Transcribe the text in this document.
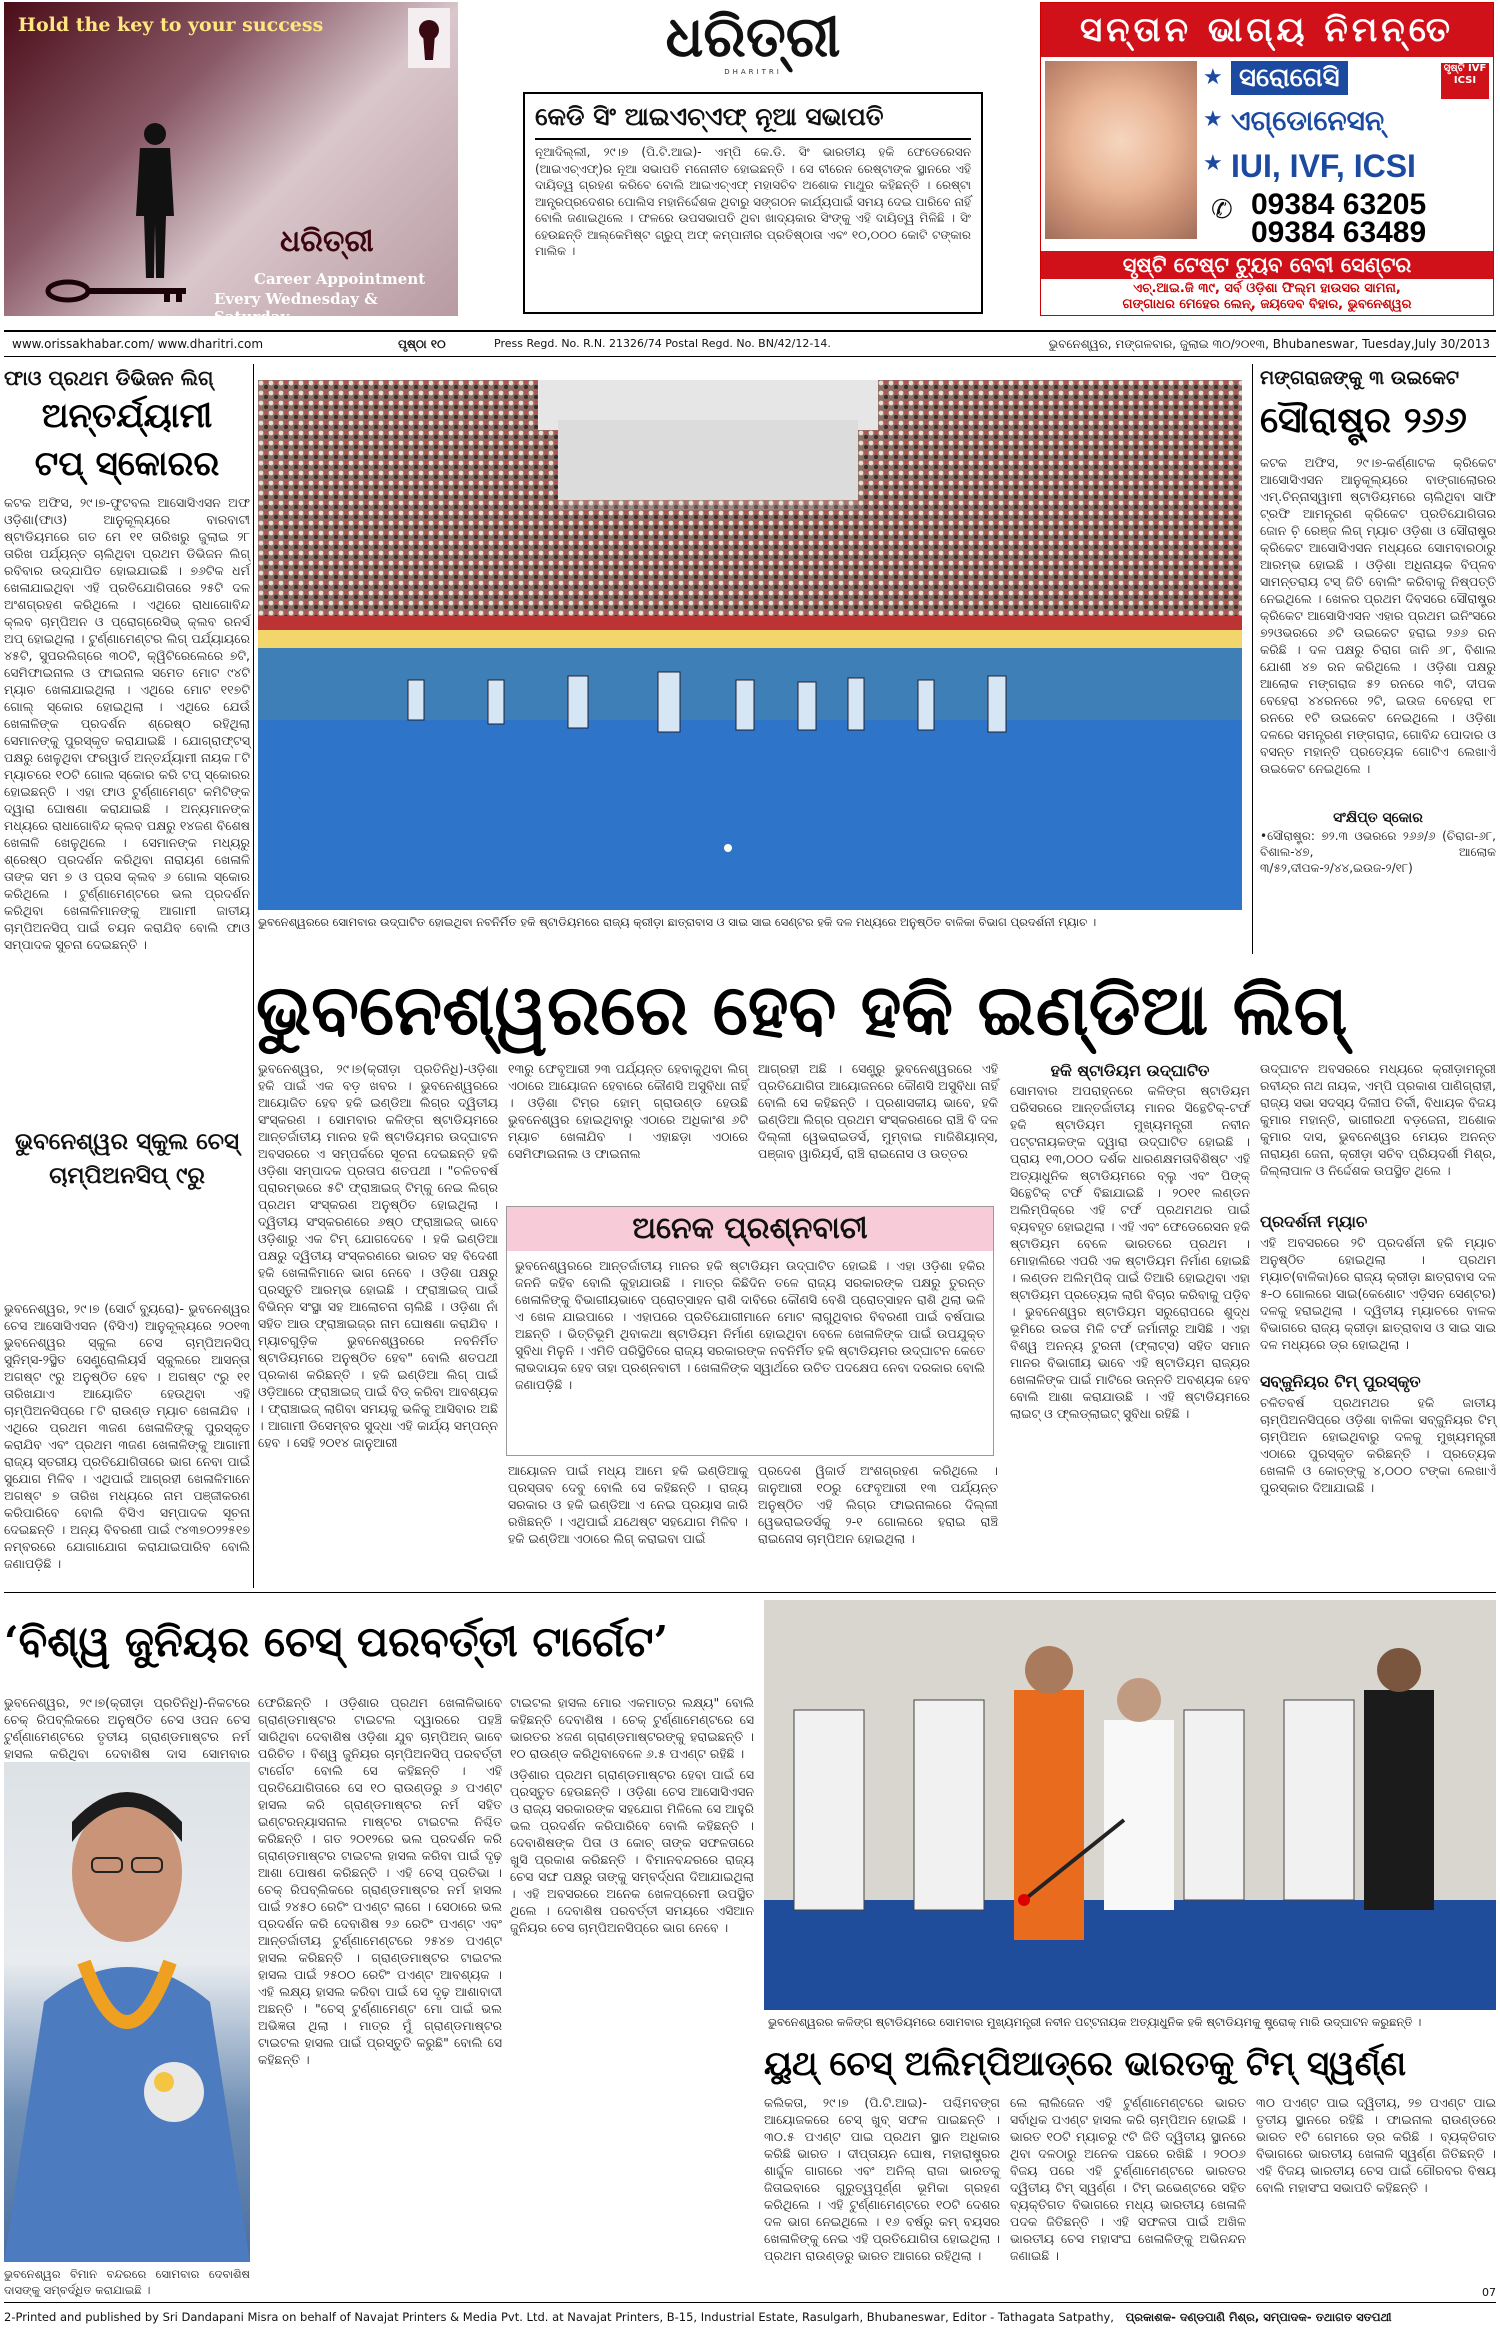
Hold the key to your success
ଧରିତ୍ରୀ
Career Appointment
Every Wednesday & Saturday
ଧରିତ୍ରୀ
DHARITRI
କେଡି ସିଂ ଆଇଏଚ୍ଏଫ୍ ନୂଆ ସଭାପତି
ନୂଆଦିଲ୍ଲୀ, ୨୯।୭ (ପି.ଟି.ଆଇ)- ଏମ୍ପି କେ.ଡି. ସିଂ ଭାରତୀୟ ହକି ଫେଡେରେସନ (ଆଇଏଚ୍ଏଫ୍)ର ନୂଆ ସଭାପତି ମନୋନୀତ ହୋଇଛନ୍ତି । ସେ ବୀରେନ ରେଷ୍ଟାଙ୍କ ସ୍ଥାନରେ ଏହି ଦାୟିତ୍ୱ ଗ୍ରହଣ କରିବେ ବୋଲି ଆଇଏଚ୍ଏଫ୍ ମହାସଚିବ ଅଶୋକ ମାଥୁର କହିଛନ୍ତି । ରେଷ୍ଟା ଆନ୍ତ୍ରପ୍ରଦେଶର ପୋଲିସ ମହାନିର୍ଦ୍ଦେଶକ ଥିବାରୁ ସଙ୍ଗଠନ କାର୍ଯ୍ୟପାଇଁ ସମୟ ଦେଇ ପାରିବେ ନାହିଁ ବୋଲି ଜଣାଇଥିଲେ । ଫଳରେ ଉପସଭାପତି ଥିବା ଖାଦ୍ୟକାର ସିଂଙ୍କୁ ଏହି ଦାୟିତ୍ୱ ମିଳିଛି । ସିଂ ହେଉଛନ୍ତି ଆଲ୍‌କେମିଷ୍ଟ ଗ୍ରୁପ୍ ଅଫ୍ କମ୍ପାନୀର ପ୍ରତିଷ୍ଠାତା ଏବଂ ୧୦,୦୦୦ କୋଟି ଟଙ୍କାର ମାଲିକ ।
ସନ୍ତାନ ଭାଗ୍ୟ ନିମନ୍ତେ
ସୃଷ୍ଟି IVF ICSI
★ ସରୋଗେସି
★ ଏଗ୍‌ଡୋନେସନ୍
★ IUI, IVF, ICSI
✆ 09384 63205
09384 63489
ସୃଷ୍ଟି ଟେଷ୍ଟ ଟ୍ୟୁବ ବେବୀ ସେଣ୍ଟର
ଏଚ୍.ଆଇ.ଜି ୩୯, ସର୍ବ ଓଡ଼ିଶା ଫିଲ୍ମ ହାଉସର ସାମନା,
ଗଙ୍ଗାଧର ମେହେର ଲେନ୍, ଜୟଦେବ ବିହାର, ଭୁବନେଶ୍ୱର
www.orissakhabar.com/ www.dharitri.com	ପୃଷ୍ଠା ୧୦	Press Regd. No. R.N. 21326/74 Postal Regd. No. BN/42/12-14.	ଭୁବନେଶ୍ୱର, ମଙ୍ଗଳବାର, ଜୁଲାଇ ୩୦/୨୦୧୩, Bhubaneswar, Tuesday,July 30/2013
ଫାଓ ପ୍ରଥମ ଡିଭିଜନ ଲିଗ୍
ଅନ୍ତର୍ଯ୍ୟାମୀ
ଟପ୍ ସ୍କୋରର
କଟକ ଅଫିସ, ୨୯।୭-ଫୁଟବଲ ଆସୋସିଏସନ ଅଫ ଓଡ଼ିଶା(ଫାଓ) ଆନୁକୂଲ୍ୟରେ ବାରବାଟୀ ଷ୍ଟାଡିୟମରେ ଗତ ମେ ୧୧ ତାରିଖରୁ ଜୁଲାଇ ୨୮ ତାରିଖ ପର୍ଯ୍ୟନ୍ତ ଚାଲିଥିବା ପ୍ରଥମ ଡିଭିଜନ ଲିଗ୍ ରବିବାର ଉଦ୍‌ଯାପିତ ହୋଇଯାଇଛି । ୭୬ଟିକ ଧର୍ମ ଖେଳାଯାଇଥିବା ଏହି ପ୍ରତିଯୋଗିତାରେ ୨୫ଟି ଦଳ ଅଂଶଗ୍ରହଣ କରିଥିଲେ । ଏଥିରେ ରାଧାଗୋବିନ୍ଦ କ୍ଲବ ଚାମ୍ପିଅନ ଓ ପ୍ରୋଗ୍ରେସିଭ୍ କ୍ଲବ ରନର୍ସ ଅପ୍ ହୋଇଥିଲା । ଟୁର୍ଣ୍ଣାମେଣ୍ଟର ଲିଗ୍ ପର୍ଯ୍ୟାୟରେ ୪୫ଟି, ସୁପରଲିଗ୍‌ରେ ୩୦ଟି, କ୍ୱିଟିରେଲେରେ ୭ଟି, ସେମିଫାଇନାଲ ଓ ଫାଇନାଲ ସମେତ ମୋଟ ୯୪ଟି ମ୍ୟାଚ ଖେଳାଯାଇଥିଲା । ଏଥିରେ ମୋଟ ୧୧୭ଟି ଗୋଲ୍ ସ୍କୋର ହୋଇଥିଲା । ଏଥିରେ ଯେଉଁ ଖେଳାଳିଙ୍କ ପ୍ରଦର୍ଶନ ଶ୍ରେଷ୍ଠ ରହିଥିଲା ସେମାନଙ୍କୁ ପୁରସ୍କୃତ କରାଯାଇଛି । ଯୋଗ୍ରାଫ୍ଟସ୍ ପକ୍ଷରୁ ଖେଳୁଥିବା ଫରୱାର୍ଡ ଅନ୍ତର୍ଯ୍ୟାମୀ ନାୟକ ୮ଟି ମ୍ୟାଚରେ ୧୦ଟି ଗୋଲ ସ୍କୋର କରି ଟପ୍ ସ୍କୋରର ହୋଇଛନ୍ତି । ଏହା ଫାଓ ଟୁର୍ଣ୍ଣାମେଣ୍ଟ କମିଟିଙ୍କ ଦ୍ୱାରା ଘୋଷଣା କରାଯାଇଛି । ଅନ୍ୟମାନଙ୍କ ମଧ୍ୟରେ ରାଧାଗୋବିନ୍ଦ କ୍ଲବ ପକ୍ଷରୁ ୧୪ଜଣ ବିଶେଷ ଖେଳାଳି ଖେଳୁଥିଲେ । ସେମାନଙ୍କ ମଧ୍ୟରୁ ଶ୍ରେଷ୍ଠ ପ୍ରଦର୍ଶନ କରିଥିବା ନାରାୟଣ ଖେଳାଳି ତାଙ୍କ ସମ ୭ ଓ ପ୍ରସ କ୍ଲବ ୬ ଗୋଲ ସ୍କୋର କରିଥିଲେ । ଟୁର୍ଣ୍ଣାମେଣ୍ଟରେ ଭଲ ପ୍ରଦର୍ଶନ କରିଥିବା ଖେଳାଳିମାନଙ୍କୁ ଆଗାମୀ ଜାତୀୟ ଚାମ୍ପିଅନସିପ୍ ପାଇଁ ଚୟନ କରାଯିବ ବୋଲି ଫାଓ ସମ୍ପାଦକ ସୁଚନା ଦେଇଛନ୍ତି ।
ଭୁବନେଶ୍ୱର ସ୍କୁଲ ଚେସ୍
ଚାମ୍ପିଅନସିପ୍ ୯ରୁ
ଭୁବନେଶ୍ୱର, ୨୯।୭ (ସୋର୍ଟ ବ୍ୟୁରୋ)- ଭୁବନେଶ୍ୱର ଚେସ ଆସୋସିଏସନ (ବିସିଏ) ଆନୁକୂଲ୍ୟରେ ୨୦୧୩ ଭୁବନେଶ୍ୱର ସ୍କୁଲ ଚେସ ଚାମ୍ପିଅନସିପ୍ ସୁନିମ୍ସ-୨ସ୍ଥିତ ସେଣ୍ଟ୍ରୋଲିୟର୍ସ ସ୍କୁଲରେ ଆସନ୍ତା ଅଗଷ୍ଟ ୯ରୁ ଅନୁଷ୍ଠିତ ହେବ । ଅଗଷ୍ଟ ୯ରୁ ୧୧ ତାରିଖଯାଏ ଆୟୋଜିତ ହେଉଥିବା ଏହି ଚାମ୍ପିଅନସିପ୍‌ରେ ୮ଟି ରାଉଣ୍ଡ ମ୍ୟାଚ ଖେଳାଯିବ । ଏଥିରେ ପ୍ରଥମ ୩ଜଣ ଖେଳାଳିଙ୍କୁ ପୁରସ୍କୃତ କରାଯିବ ଏବଂ ପ୍ରଥମ ୩ଜଣ ଖେଳାଳିଙ୍କୁ ଆଗାମୀ ରାଜ୍ୟ ସ୍ତରୀୟ ପ୍ରତିଯୋଗିତାରେ ଭାଗ ନେବା ପାଇଁ ସୁଯୋଗ ମିଳିବ । ଏଥିପାଇଁ ଆଗ୍ରହୀ ଖେଳାଳିମାନେ ଅଗଷ୍ଟ ୭ ତାରିଖ ମଧ୍ୟରେ ନାମ ପଞ୍ଜୀକରଣ କରିପାରିବେ ବୋଲି ବିସିଏ ସମ୍ପାଦକ ସୂଚନା ଦେଇଛନ୍ତି । ଅନ୍ୟ ବିବରଣୀ ପାଇଁ ୯୪୩୭୦୨୨୫୧୭ ନମ୍ବରରେ ଯୋଗାଯୋଗ କରାଯାଇପାରିବ ବୋଲି ଜଣାପଡ଼ିଛି ।
ଭୁବନେଶ୍ୱରରେ ସୋମବାର ଉଦ୍‌ଘାଟିତ ହୋଇଥିବା ନବନିର୍ମିତ ହକି ଷ୍ଟାଡିୟମରେ ରାଜ୍ୟ କ୍ରୀଡ଼ା ଛାତ୍ରାବାସ ଓ ସାଇ ସାଇ ସେଣ୍ଟର ହକି ଦଳ ମଧ୍ୟରେ ଅନୁଷ୍ଠିତ ବାଳିକା ବିଭାଗ ପ୍ରଦର୍ଶନୀ ମ୍ୟାଚ ।
ମଙ୍ଗରାଜଙ୍କୁ ୩ ଉଇକେଟ
ସୌରାଷ୍ଟ୍ର ୨୬୬
କଟକ ଅଫିସ, ୨୯।୭-କର୍ଣ୍ଣାଟକ କ୍ରିକେଟ ଆସୋସିଏସନ ଆନୁକୂଲ୍ୟରେ ବାଙ୍ଗାଲୋରର ଏମ୍.ଚିନ୍ନାସ୍ୱାମୀ ଷ୍ଟାଡିୟମରେ ଚାଲିଥିବା ସାଫି ଟ୍ରଫି ଆମନ୍ତ୍ରଣ କ୍ରିକେଟ ପ୍ରତିଯୋଗିତାର ଜୋନ ଚ଼ି ରେଞ୍ଜ ଲିଗ୍ ମ୍ୟାଚ ଓଡ଼ିଶା ଓ ସୌରାଷ୍ଟ୍ର କ୍ରିକେଟ ଆସୋସିଏସନ ମଧ୍ୟରେ ସୋମବାରଠାରୁ ଆରମ୍ଭ ହୋଇଛି । ଓଡ଼ିଶା ଅଧିନାୟକ ବିପ୍ଳବ ସାମନ୍ତରାୟ ଟସ୍ ଜିତି ବୋଲିଂ କରିବାକୁ ନିଷ୍ପତ୍ତି ନେଇଥିଲେ । ଖେଳର ପ୍ରଥମ ଦିବସରେ ସୌରାଷ୍ଟ୍ର କ୍ରିକେଟ ଆସୋସିଏସନ ଏହାର ପ୍ରଥମ ଇନିଂସରେ ୭୨ଓଭରରେ ୬ଟି ଉଇକେଟ ହରାଇ ୨୬୬ ରନ କରିଛି । ଦଳ ପକ୍ଷରୁ ଚିରାଗ ଜାନି ୬୮, ବିଶାଲ ଯୋଶୀ ୪୭ ରନ କରିଥିଲେ । ଓଡ଼ିଶା ପକ୍ଷରୁ ଆଲୋକ ମଙ୍ଗରାଜ ୫୨ ରନରେ ୩ଟି, ଦୀପକ ବେହେରା ୪୪ରନରେ ୨ଟି, ଇଉଜ ବେହେରା ୧୮ ରନରେ ୧ଟି ଉଇକେଟ ନେଇଥିଲେ । ଓଡ଼ିଶା ଦଳରେ ସମନ୍ତ୍ରଣ ମଙ୍ଗରାଜ, ଗୋବିନ୍ଦ ପୋଦାର ଓ ବସନ୍ତ ମହାନ୍ତି ପ୍ରତ୍ୟେକ ଗୋଟିଏ ଲେଖାଏଁ ଉଇକେଟ ନେଇଥିଲେ ।
ସଂକ୍ଷିପ୍ତ ସ୍କୋର
•ସୌରାଷ୍ଟ୍ର: ୭୨.୩ ଓଭରରେ ୨୬୬/୬ (ଚିରାଗ-୬୮, ବିଶାଲ-୪୭, ଆଲୋକ ୩/୫୨,ଦୀପକ-୨/୪୪,ଇଉଜ-୨/୧୮)
ଭୁବନେଶ୍ୱରରେ ହେବ ହକି ଇଣ୍ଡିଆ ଲିଗ୍
ଭୁବନେଶ୍ୱର, ୨୯।୭(କ୍ରୀଡ଼ା ପ୍ରତିନିଧି)-ଓଡ଼ିଶା ହକି ପାଇଁ ଏକ ବଡ଼ ଖବର । ଭୁବନେଶ୍ୱରରେ ଆୟୋଜିତ ହେବ ହକି ଇଣ୍ଡିଆ ଲିଗ୍‌ର ଦ୍ୱିତୀୟ ସଂସ୍କରଣ । ସୋମବାର କଳିଙ୍ଗ ଷ୍ଟାଡିୟମରେ ଆନ୍ତର୍ଜାତୀୟ ମାନର ହକି ଷ୍ଟାଡିୟମର ଉଦ୍‌ଘାଟନ ଅବସରରେ ଏ ସମ୍ପର୍କରେ ସୂଚନା ଦେଇଛନ୍ତି ହକି ଓଡ଼ିଶା ସମ୍ପାଦକ ପ୍ରତାପ ଶତପଥୀ । "ଚଳିତବର୍ଷ ପ୍ରାରମ୍ଭରେ ୫ଟି ଫ୍ରାଞ୍ଚାଇଜ୍ ଟିମ୍‌କୁ ନେଇ ଲିଗ୍‌ର ପ୍ରଥମ ସଂସ୍କରଣ ଅନୁଷ୍ଠିତ ହୋଇଥିଲା । ଦ୍ୱିତୀୟ ସଂସ୍କରଣରେ ୬ଷ୍ଠ ଫ୍ରାଞ୍ଚାଇଜ୍ ଭାବେ ଓଡ଼ିଶାରୁ ଏକ ଟିମ୍ ଯୋଗଦେବେ । ହକି ଇଣ୍ଡିଆ ପକ୍ଷରୁ ଦ୍ୱିତୀୟ ସଂସ୍କରଣରେ ଭାରତ ସହ ବିଦେଶୀ ହକି ଖେଳାଳିମାନେ ଭାଗ ନେବେ । ଓଡ଼ିଶା ପକ୍ଷରୁ ପ୍ରସ୍ତୁତି ଆରମ୍ଭ ହୋଇଛି । ଫ୍ରାଞ୍ଚାଇଜ୍ ପାଇଁ ବିଭିନ୍ନ ସଂସ୍ଥା ସହ ଆଲୋଚନା ଚାଲିଛି । ଓଡ଼ିଶା ନାଁ ସହିତ ଆଉ ଫ୍ରାଞ୍ଚାଇଜ୍‌ର ନାମ ଘୋଷଣା କରାଯିବ । ମ୍ୟାଚଗୁଡ଼ିକ ଭୁବନେଶ୍ୱରରେ ନବନିର୍ମିତ ଷ୍ଟାଡିୟମରେ ଅନୁଷ୍ଠିତ ହେବ" ବୋଲି ଶତପଥୀ ପ୍ରକାଶ କରିଛନ୍ତି । ହକି ଇଣ୍ଡିଆ ଲିଗ୍ ପାଇଁ ଓଡ଼ିଆରେ ଫ୍ରାଞ୍ଚାଇଜ୍ ପାଇଁ ବିଡ୍ କରିବା ଆବଶ୍ୟକ । ଫ୍ରାଞ୍ଚାଇଜ୍ ଲାଗିବା ସମୟକୁ ଭଳିକୁ ଆସିବାର ଅଛି । ଆଗାମୀ ଡିସେମ୍ବର ସୁଦ୍ଧା ଏହି କାର୍ଯ୍ୟ ସମ୍ପନ୍ନ ହେବ । ସେହି ୨୦୧୪ ଜାନୁଆରୀ
୧୩ରୁ ଫେବୃଆରୀ ୨୩ ପର୍ଯ୍ୟନ୍ତ ହେବାକୁଥିବା ଲିଗ୍ ଏଠାରେ ଆୟୋଜନ ହେବାରେ କୌଣସି ଅସୁବିଧା ନାହିଁ । ଓଡ଼ିଶା ଟିମ୍‌ର ହୋମ୍ ଗ୍ରାଉଣ୍ଡ ହେଉଛି ଭୁବନେଶ୍ୱର ହୋଇଥିବାରୁ ଏଠାରେ ଅଧିକାଂଶ ୬ଟି ମ୍ୟାଚ ଖେଳାଯିବ । ଏହାଛଡ଼ା ଏଠାରେ ସେମିଫାଇନାଲ ଓ ଫାଇନାଲ
ଆଗ୍ରହୀ ଅଛି । ସେଣ୍ଟ୍ରୁ ଭୁବନେଶ୍ୱରରେ ଏହି ପ୍ରତିଯୋଗିତା ଆୟୋଜନରେ କୌଣସି ଅସୁବିଧା ନାହିଁ ବୋଲି ସେ କହିଛନ୍ତି । ପ୍ରଶାସକୀୟ ଭାବେ, ହକି ଇଣ୍ଡିଆ ଲିଗ୍‌ର ପ୍ରଥମ ସଂସ୍କରଣରେ ରାଞ୍ଚି ବି ଦଳ ଦିଲ୍ଲୀ ୱେଭରାଇଡର୍ସ, ମୁମ୍ବାଇ ମାଜିଶିୟାନ୍ସ, ପଞ୍ଜାବ ୱାରିୟର୍ସ, ରାଞ୍ଚି ରାଇନୋସ ଓ ଉତ୍ତର
ଅନେକ ପ୍ରଶ୍ନବାଚୀ
ଭୁବନେଶ୍ୱରରେ ଆନ୍ତର୍ଜାତୀୟ ମାନର ହକି ଷ୍ଟାଡିୟମ ଉଦ୍‌ଘାଟିତ ହୋଇଛି । ଏହା ଓଡ଼ିଶା ହକିର ଜନନି କହିବ ବୋଲି କୁହାଯାଉଛି । ମାତ୍ର କିଛିଦିନ ତଳେ ରାଜ୍ୟ ସରକାରଙ୍କ ପକ୍ଷରୁ ତୁରନ୍ତ ଖେଳାଳିଙ୍କୁ ବିଭାଗୀୟଭାବେ ପ୍ରୋତ୍ସାହନ ରାଶି ଦାବିରେ କୌଣସି ବେଶି ପ୍ରୋତ୍ସାହନ ରାଶି ଥିଲା ଭଳି ଏ ଖେଳ ଯାଇପାରେ । ଏହାପରେ ପ୍ରତିଯୋଗୀମାନେ ମୋଟ ଲାଗୁଥିବାର ବିବରଣୀ ପାଇଁ ବର୍ଷପାଇ ଅଛନ୍ତି । ଭିତ୍ତିଭୂମି ଥିବାକଥା ଷ୍ଟାଡିୟମ ନିର୍ମାଣ ହୋଇଥିବା ବେଳେ ଖେଳାଳିଙ୍କ ପାଇଁ ଉପଯୁକ୍ତ ସୁବିଧା ମିଳୁନି । ଏମିତି ପରିସ୍ଥିତିରେ ରାଜ୍ୟ ସରକାରଙ୍କ ନବନିର୍ମିତ ହକି ଷ୍ଟାଡିୟମର ଉଦ୍‌ଘାଟନ କେତେ ଲାଭଦାୟକ ହେବ ତାହା ପ୍ରଶ୍ନବାଚୀ । ଖେଳାଳିଙ୍କ ସ୍ୱାର୍ଥରେ ଉଚିତ ପଦକ୍ଷେପ ନେବା ଦରକାର ବୋଲି ଜଣାପଡ଼ିଛି ।
ଆୟୋଜନ ପାଇଁ ମଧ୍ୟ ଆମେ ହକି ଇଣ୍ଡିଆକୁ ପ୍ରସ୍ତାବ ଦେବୁ ବୋଲି ସେ କହିଛନ୍ତି । ରାଜ୍ୟ ସରକାର ଓ ହକି ଇଣ୍ଡିଆ ଏ ନେଇ ପ୍ରୟାସ ଜାରି ରଖିଛନ୍ତି । ଏଥିପାଇଁ ଯଥେଷ୍ଟ ସହଯୋଗ ମିଳିବ । ହକି ଇଣ୍ଡିଆ ଏଠାରେ ଲିଗ୍ କରାଇବା ପାଇଁ
ପ୍ରଦେଶ ୱିଜାର୍ଡ ଅଂଶଗ୍ରହଣ କରିଥିଲେ । ଜାନୁଆରୀ ୧୦ରୁ ଫେବୃଆରୀ ୧୩ ପର୍ଯ୍ୟନ୍ତ ଅନୁଷ୍ଠିତ ଏହି ଲିଗ୍‌ର ଫାଇନାଲରେ ଦିଲ୍ଲୀ ୱେଭରାଇଡର୍ସକୁ ୨-୧ ଗୋଲରେ ହରାଇ ରାଞ୍ଚି ରାଇନୋସ ଚାମ୍ପିଅନ ହୋଇଥିଲା ।
ହକି ଷ୍ଟାଡିୟମ ଉଦ୍‌ଘାଟିତ
ସୋମବାର ଅପରାହ୍ନରେ କଳିଙ୍ଗ ଷ୍ଟାଡିୟମ ପରିସରରେ ଆନ୍ତର୍ଜାତୀୟ ମାନର ସିନ୍ଥେଟିକ୍-ଟର୍ଫ ହକି ଷ୍ଟାଡିୟମ ମୁଖ୍ୟମନ୍ତ୍ରୀ ନବୀନ ପଟ୍ଟନାୟକଙ୍କ ଦ୍ୱାରା ଉଦ୍‌ଘାଟିତ ହୋଇଛି । ପ୍ରାୟ ୧୩,୦୦୦ ଦର୍ଶକ ଧାରଣକ୍ଷମତାବିଶିଷ୍ଟ ଏହି ଅତ୍ୟାଧୁନିକ ଷ୍ଟାଡିୟମରେ ବ୍ଲୁ ଏବଂ ପିଙ୍କ୍ ସିନ୍ଥେଟିକ୍ ଟର୍ଫ ବିଛାଯାଇଛି । ୨୦୧୧ ଲଣ୍ଡନ ଅଲିମ୍ପିକ୍‌ରେ ଏହି ଟର୍ଫ ପ୍ରଥମଥର ପାଇଁ ବ୍ୟବହୃତ ହୋଇଥିଲା । ଏହି ଏବଂ ଫେଡେରେସନ ହକି ଷ୍ଟାଡିୟମ ବେଳେ ଭାରତରେ ପ୍ରଥମ । ମୋହାଲିରେ ଏପରି ଏକ ଷ୍ଟାଡିୟମ ନିର୍ମାଣ ହୋଇଛି । ଲଣ୍ଡନ ଅଲିମ୍ପିକ୍ ପାଇଁ ତିଆରି ହୋଇଥିବା ଏହା ଷ୍ଟାଡିୟମ ପ୍ରତ୍ୟେକ ଲାଗି ବିଚାର କରିବାକୁ ପଡ଼ିବ । ଭୁବନେଶ୍ୱର ଷ୍ଟାଡିୟମ ସରୁରୋପରେ ଶୁଦ୍ଧ ଭୂମିରେ ଉଚ୍ଚତା ମିଳି ଟର୍ଫ ଜର୍ମାନୀରୁ ଆସିଛି । ଏହା ବିଶ୍ୱ ଅନନ୍ୟ ଟୁରନୀ (ଫ୍ଲାଟ୍ସ) ସହିତ ସମାନ ମାନର ବିଭାଗୀୟ ଭାବେ ଏହି ଷ୍ଟାଡିୟମ ରାଜ୍ୟର ଖେଳାଳିଙ୍କ ପାଇଁ ମାଟିରେ ଉନ୍ନତି ଅବଶ୍ୟକ ହେବ ବୋଲି ଆଶା କରାଯାଉଛି । ଏହି ଷ୍ଟାଡିୟମରେ ଲାଇଟ୍ ଓ ଫ୍ଲଡ୍‌ଲାଇଟ୍ ସୁବିଧା ରହିଛି ।
ଉଦ୍‌ଘାଟନ ଅବସରରେ ମଧ୍ୟରେ କ୍ରୀଡ଼ାମନ୍ତ୍ରୀ ରବୀନ୍ଦ୍ର ନାଥ ନାୟକ, ଏମ୍ପି ପ୍ରକାଶ ପାଣିଗ୍ରାହୀ, ରାଜ୍ୟ ସଭା ସଦସ୍ୟ ଦିଲୀପ ତିର୍କୀ, ବିଧାୟକ ବିଜୟ କୁମାର ମହାନ୍ତି, ଭାଗୀରଥୀ ବଡ଼ଜେନା, ଅଶୋକ କୁମାର ଦାସ, ଭୁବନେଶ୍ୱର ମେୟର ଅନନ୍ତ ନାରାୟଣ ଜେନା, କ୍ରୀଡ଼ା ସଚିବ ପ୍ରିୟଦର୍ଶୀ ମିଶ୍ର, ଜିଲ୍ଲାପାଳ ଓ ନିର୍ଦ୍ଦେଶକ ଉପସ୍ଥିତ ଥିଲେ ।
ପ୍ରଦର୍ଶନୀ ମ୍ୟାଚ
ଏହି ଅବସରରେ ୨ଟି ପ୍ରଦର୍ଶନୀ ହକି ମ୍ୟାଚ ଅନୁଷ୍ଠିତ ହୋଇଥିଲା । ପ୍ରଥମ ମ୍ୟାଚ(ବାଳିକା)ରେ ରାଜ୍ୟ କ୍ରୀଡ଼ା ଛାତ୍ରାବାସ ଦଳ ୫-୦ ଗୋଲରେ ସାଇ(କେଶୋଟ ଏଡ଼ିସନ ସେଣ୍ଟର) ଦଳକୁ ହରାଇଥିଲା । ଦ୍ୱିତୀୟ ମ୍ୟାଚରେ ବାଳକ ବିଭାଗରେ ରାଜ୍ୟ କ୍ରୀଡ଼ା ଛାତ୍ରାବାସ ଓ ସାଇ ସାଇ ଦଳ ମଧ୍ୟରେ ଡ୍ର ହୋଇଥିଲା ।
ସବ୍‌ଜୁନିୟର ଟିମ୍ ପୁରସ୍କୃତ
ଚଳିତବର୍ଷ ପ୍ରଥମଥର ହକି ଜାତୀୟ ଚାମ୍ପିଅନସିପ୍‌ରେ ଓଡ଼ିଶା ବାଳିକା ସବ୍‌ଜୁନିୟର ଟିମ୍ ଚାମ୍ପିଅନ ହୋଇଥିବାରୁ ଦଳକୁ ମୁଖ୍ୟମନ୍ତ୍ରୀ ଏଠାରେ ପୁରସ୍କୃତ କରିଛନ୍ତି । ପ୍ରତ୍ୟେକ ଖେଳାଳି ଓ କୋଚ୍‌ଙ୍କୁ ୪,୦୦୦ ଟଙ୍କା ଲେଖାଏଁ ପୁରସ୍କାର ଦିଆଯାଇଛି ।
‘ବିଶ୍ୱ ଜୁନିୟର ଚେସ୍ ପରବର୍ତ୍ତୀ ଟାର୍ଗେଟ’
ଭୁବନେଶ୍ୱର, ୨୯।୭(କ୍ରୀଡ଼ା ପ୍ରତିନିଧି)-ନିକଟରେ ଚେକ୍ ରିପବ୍ଲିକରେ ଅନୁଷ୍ଠିତ ଚେସ ଓପନ ଚେସ ଟୁର୍ଣ୍ଣାମେଣ୍ଟରେ ତୃତୀୟ ଗ୍ରାଣ୍ଡମାଷ୍ଟର ନର୍ମ ହାସଲ କରିଥିବା ଦେବାଶିଷ ଦାସ ସୋମବାର
ଭୁବନେଶ୍ୱର ବିମାନ ବନ୍ଦରରେ ସୋମବାର ଦେବାଶିଷ ଦାସଙ୍କୁ ସମ୍ବର୍ଦ୍ଧିତ କରାଯାଇଛି ।
ଫେରିଛନ୍ତି । ଓଡ଼ିଶାର ପ୍ରଥମ ଖେଳାଳିଭାବେ ଗ୍ରାଣ୍ଡମାଷ୍ଟର ଟାଇଟଲ ଦ୍ୱାରରେ ପହଞ୍ଚି ସାରିଥିବା ଦେବାଶିଷ ଓଡ଼ିଶା ଯୁବ ଚାମ୍ପିଅନ୍ ଭାବେ ପରିଚିତ । ବିଶ୍ୱ ଜୁନିୟର ଚାମ୍ପିଅନସିପ୍ ପରବର୍ତ୍ତୀ ଟାର୍ଗେଟ ବୋଲି ସେ କହିଛନ୍ତି । ଏହି ପ୍ରତିଯୋଗିତାରେ ସେ ୧୦ ରାଉଣ୍ଡରୁ ୬ ପଏଣ୍ଟ ହାସଲ କରି ଗ୍ରାଣ୍ଡମାଷ୍ଟର ନର୍ମ ସହିତ ଇଣ୍ଟରନ୍ୟାସନାଲ ମାଷ୍ଟର ଟାଇଟଲ ନିଶ୍ଚିତ କରିଛନ୍ତି । ଗତ ୨୦୧୨ରେ ଭଲ ପ୍ରଦର୍ଶନ କରି ଗ୍ରାଣ୍ଡମାଷ୍ଟର ଟାଇଟଲ ହାସଲ କରିବା ପାଇଁ ଦୃଢ଼ ଆଶା ପୋଷଣ କରିଛନ୍ତି । ଏହି ଚେସ୍ ପ୍ରତିଭା । ଚେକ୍ ରିପବ୍ଲିକରେ ଗ୍ରାଣ୍ଡମାଷ୍ଟର ନର୍ମ ହାସଲ ପାଇଁ ୨୪୫୦ ରେଟିଂ ପଏଣ୍ଟ ଲାଗେ । ସେଠାରେ ଭଲ ପ୍ରଦର୍ଶନ କରି ଦେବାଶିଷ ୨୬ ରେଟିଂ ପଏଣ୍ଟ ଏବଂ ଆନ୍ତର୍ଜାତୀୟ ଟୁର୍ଣ୍ଣାମେଣ୍ଟରେ ୨୫୪୭ ପଏଣ୍ଟ ହାସଲ କରିଛନ୍ତି । ଗ୍ରାଣ୍ଡମାଷ୍ଟର ଟାଇଟଲ ହାସଲ ପାଇଁ ୨୫୦୦ ରେଟିଂ ପଏଣ୍ଟ ଆବଶ୍ୟକ । ଏହି ଲକ୍ଷ୍ୟ ହାସଲ କରିବା ପାଇଁ ସେ ଦୃଢ଼ ଆଶାବାଦୀ ଅଛନ୍ତି । "ଚେସ୍ ଟୁର୍ଣ୍ଣାମେଣ୍ଟ ମୋ ପାଇଁ ଭଲ ଅଭିଜ୍ଞତା ଥିଲା । ମାତ୍ର ମୁଁ ଗ୍ରାଣ୍ଡମାଷ୍ଟର ଟାଇଟଲ ହାସଲ ପାଇଁ ପ୍ରସ୍ତୁତି କରୁଛି" ବୋଲି ସେ କହିଛନ୍ତି ।
ଟାଇଟଲ ହାସଲ ମୋର ଏକମାତ୍ର ଲକ୍ଷ୍ୟ" ବୋଲି କହିଛନ୍ତି ଦେବାଶିଷ । ଚେକ୍ ଟୁର୍ଣ୍ଣାମେଣ୍ଟରେ ସେ ଭାରତର ୪ଜଣ ଗ୍ରାଣ୍ଡମାଷ୍ଟରଙ୍କୁ ହରାଇଛନ୍ତି । ୧୦ ରାଉଣ୍ଡ କରିଥିବାବେଳେ ୬.୫ ପଏଣ୍ଟ ରହିଛି ।
ଓଡ଼ିଶାର ପ୍ରଥମ ଗ୍ରାଣ୍ଡମାଷ୍ଟର ହେବା ପାଇଁ ସେ ପ୍ରସ୍ତୁତ ହେଉଛନ୍ତି । ଓଡ଼ିଶା ଚେସ ଆସୋସିଏସନ ଓ ରାଜ୍ୟ ସରକାରଙ୍କ ସହଯୋଗ ମିଳିଲେ ସେ ଆହୁରି ଭଲ ପ୍ରଦର୍ଶନ କରିପାରିବେ ବୋଲି କହିଛନ୍ତି । ଦେବାଶିଷଙ୍କ ପିତା ଓ କୋଚ୍ ତାଙ୍କ ସଫଳତାରେ ଖୁସି ପ୍ରକାଶ କରିଛନ୍ତି । ବିମାନବନ୍ଦରରେ ରାଜ୍ୟ ଚେସ ସଙ୍ଘ ପକ୍ଷରୁ ତାଙ୍କୁ ସମ୍ବର୍ଦ୍ଧନା ଦିଆଯାଇଥିଲା । ଏହି ଅବସରରେ ଅନେକ ଖେଳପ୍ରେମୀ ଉପସ୍ଥିତ ଥିଲେ । ଦେବାଶିଷ ପରବର୍ତ୍ତୀ ସମୟରେ ଏସିଆନ ଜୁନିୟର ଚେସ ଚାମ୍ପିଅନସିପ୍‌ରେ ଭାଗ ନେବେ ।
ଭୁବନେଶ୍ୱରର କଳିଙ୍ଗ ଷ୍ଟାଡିୟମରେ ସୋମବାର ମୁଖ୍ୟମନ୍ତ୍ରୀ ନବୀନ ପଟ୍ଟନାୟକ ଅତ୍ୟାଧୁନିକ ହକି ଷ୍ଟାଡିୟମକୁ ଷ୍ଟ୍ରୋକ୍ ମାରି ଉଦ୍‌ଘାଟନ କରୁଛନ୍ତି ।
ୟୁଥ୍ ଚେସ୍ ଅଲିମ୍ପିଆଡ୍‌ରେ ଭାରତକୁ ଟିମ୍ ସ୍ୱର୍ଣ୍ଣ
କଲିକତା, ୨୯।୭ (ପି.ଟି.ଆଇ)- ପଶ୍ଚିମବଙ୍ଗ ଆୟୋଜକରେ ଚେସ୍ ଖୁବ୍ ସଫଳ ପାଇଛନ୍ତି । ୩୦.୫ ପଏଣ୍ଟ ପାଇ ପ୍ରଥମ ସ୍ଥାନ ଅଧିକାର କରିଛି ଭାରତ । ଦୀପ୍ତାୟନ ଘୋଷ, ମହାରାଷ୍ଟ୍ରର ଶାର୍ଦ୍ଦୁଳ ଗାଗରେ ଏବଂ ଅନିଲ୍ ରାଜା ଭାରତକୁ ଜିତାଇବାରେ ଗୁରୁତ୍ୱପୂର୍ଣ୍ଣ ଭୂମିକା ଗ୍ରହଣ କରିଥିଲେ । ଏହି ଟୁର୍ଣ୍ଣାମେଣ୍ଟରେ ୧୦ଟି ଦେଶର ଦଳ ଭାଗ ନେଇଥିଲେ । ୧୬ ବର୍ଷରୁ କମ୍ ବୟସର ଖେଳାଳିଙ୍କୁ ନେଇ ଏହି ପ୍ରତିଯୋଗିତା ହୋଇଥିଲା । ପ୍ରଥମ ରାଉଣ୍ଡରୁ ଭାରତ ଆଗରେ ରହିଥିଲା ।
ଲେ ଲାଲିଜେନ ଏହି ଟୁର୍ଣ୍ଣାମେଣ୍ଟରେ ଭାରତ ସର୍ବାଧିକ ପଏଣ୍ଟ ହାସଲ କରି ଚାମ୍ପିଅନ ହୋଇଛି । ଭାରତ ୧୦ଟି ମ୍ୟାଚରୁ ୯ଟି ଜିତି ଦ୍ୱିତୀୟ ସ୍ଥାନରେ ଥିବା ଦଳଠାରୁ ଅନେକ ପଛରେ ରଖିଛି । ୨୦୦୬ ବିଜୟ ପରେ ଏହି ଟୁର୍ଣ୍ଣାମେଣ୍ଟରେ ଭାରତର ଦ୍ୱିତୀୟ ଟିମ୍ ସ୍ୱର୍ଣ୍ଣ । ଟିମ୍ ଇଭେଣ୍ଟରେ ସହିତ ବ୍ୟକ୍ତିଗତ ବିଭାଗରେ ମଧ୍ୟ ଭାରତୀୟ ଖେଳାଳି ପଦକ ଜିତିଛନ୍ତି । ଏହି ସଫଳତା ପାଇଁ ଅଖିଳ ଭାରତୀୟ ଚେସ ମହାସଂଘ ଖେଳାଳିଙ୍କୁ ଅଭିନନ୍ଦନ ଜଣାଇଛି ।
୩୦ ପଏଣ୍ଟ ପାଇ ଦ୍ୱିତୀୟ, ୨୭ ପଏଣ୍ଟ ପାଇ ତୃତୀୟ ସ୍ଥାନରେ ରହିଛି । ଫାଇନାଲ ରାଉଣ୍ଡରେ ଭାରତ ୧ଟି ଗେମରେ ଡ୍ର କରିଛି । ବ୍ୟକ୍ତିଗତ ବିଭାଗରେ ଭାରତୀୟ ଖେଳାଳି ସ୍ୱର୍ଣ୍ଣ ଜିତିଛନ୍ତି । ଏହି ବିଜୟ ଭାରତୀୟ ଚେସ ପାଇଁ ଗୌରବର ବିଷୟ ବୋଲି ମହାସଂଘ ସଭାପତି କହିଛନ୍ତି ।
2-Printed and published by Sri Dandapani Misra on behalf of Navajat Printers & Media Pvt. Ltd. at Navajat Printers, B-15, Industrial Estate, Rasulgarh, Bhubaneswar, Editor - Tathagata Satpathy, ପ୍ରକାଶକ- ଦଣ୍ଡପାଣି ମିଶ୍ର, ସମ୍ପାଦକ- ତଥାଗତ ସତପଥୀ
07
